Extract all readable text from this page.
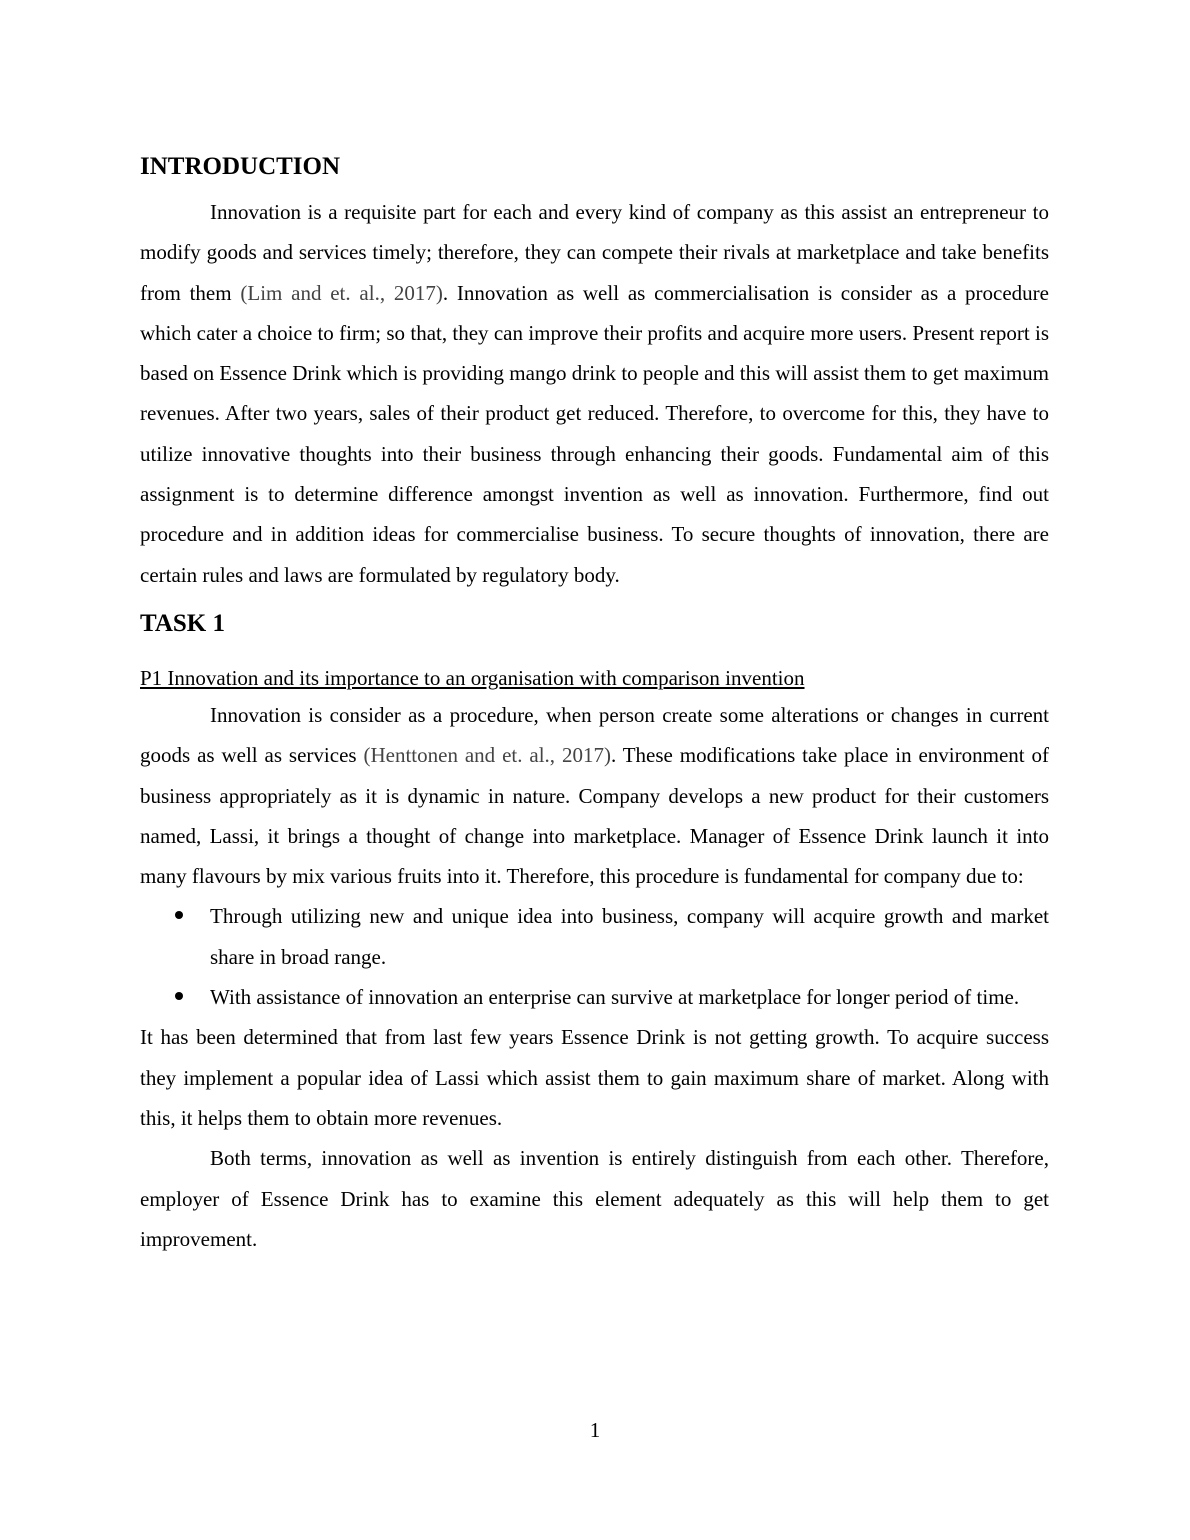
INTRODUCTION

Innovation is a requisite part for each and every kind of company as this assist an entrepreneur to modify goods and services timely; therefore, they can compete their rivals at marketplace and take benefits from them (Lim and et. al., 2017). Innovation as well as commercialisation is consider as a procedure which cater a choice to firm; so that, they can improve their profits and acquire more users. Present report is based on Essence Drink which is providing mango drink to people and this will assist them to get maximum revenues. After two years, sales of their product get reduced. Therefore, to overcome for this, they have to utilize innovative thoughts into their business through enhancing their goods. Fundamental aim of this assignment is to determine difference amongst invention as well as innovation. Furthermore, find out procedure and in addition ideas for commercialise business. To secure thoughts of innovation, there are certain rules and laws are formulated by regulatory body.

TASK 1

P1 Innovation and its importance to an organisation with comparison invention

Innovation is consider as a procedure, when person create some alterations or changes in current goods as well as services (Henttonen and et. al., 2017). These modifications take place in environment of business appropriately as it is dynamic in nature. Company develops a new product for their customers named, Lassi, it brings a thought of change into marketplace. Manager of Essence Drink launch it into many flavours by mix various fruits into it. Therefore, this procedure is fundamental for company due to:

Through utilizing new and unique idea into business, company will acquire growth and market share in broad range.
With assistance of innovation an enterprise can survive at marketplace for longer period of time.

It has been determined that from last few years Essence Drink is not getting growth. To acquire success they implement a popular idea of Lassi which assist them to gain maximum share of market. Along with this, it helps them to obtain more revenues.

Both terms, innovation as well as invention is entirely distinguish from each other. Therefore, employer of Essence Drink has to examine this element adequately as this will help them to get improvement.

1
